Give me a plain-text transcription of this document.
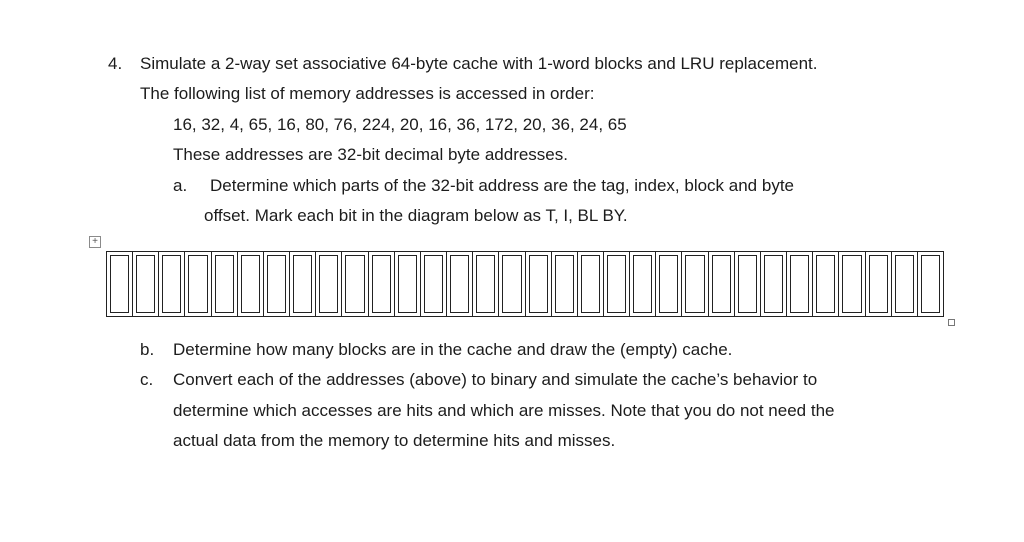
4. Simulate a 2-way set associative 64-byte cache with 1-word blocks and LRU replacement.
The following list of memory addresses is accessed in order:
16, 32, 4, 65, 16, 80, 76, 224, 20, 16, 36, 172, 20, 36, 24, 65
These addresses are 32-bit decimal byte addresses.
a. Determine which parts of the 32-bit address are the tag, index, block and byte
offset. Mark each bit in the diagram below as T, I, BL BY.
+
b. Determine how many blocks are in the cache and draw the (empty) cache.
c. Convert each of the addresses (above) to binary and simulate the cache’s behavior to
determine which accesses are hits and which are misses. Note that you do not need the
actual data from the memory to determine hits and misses.
